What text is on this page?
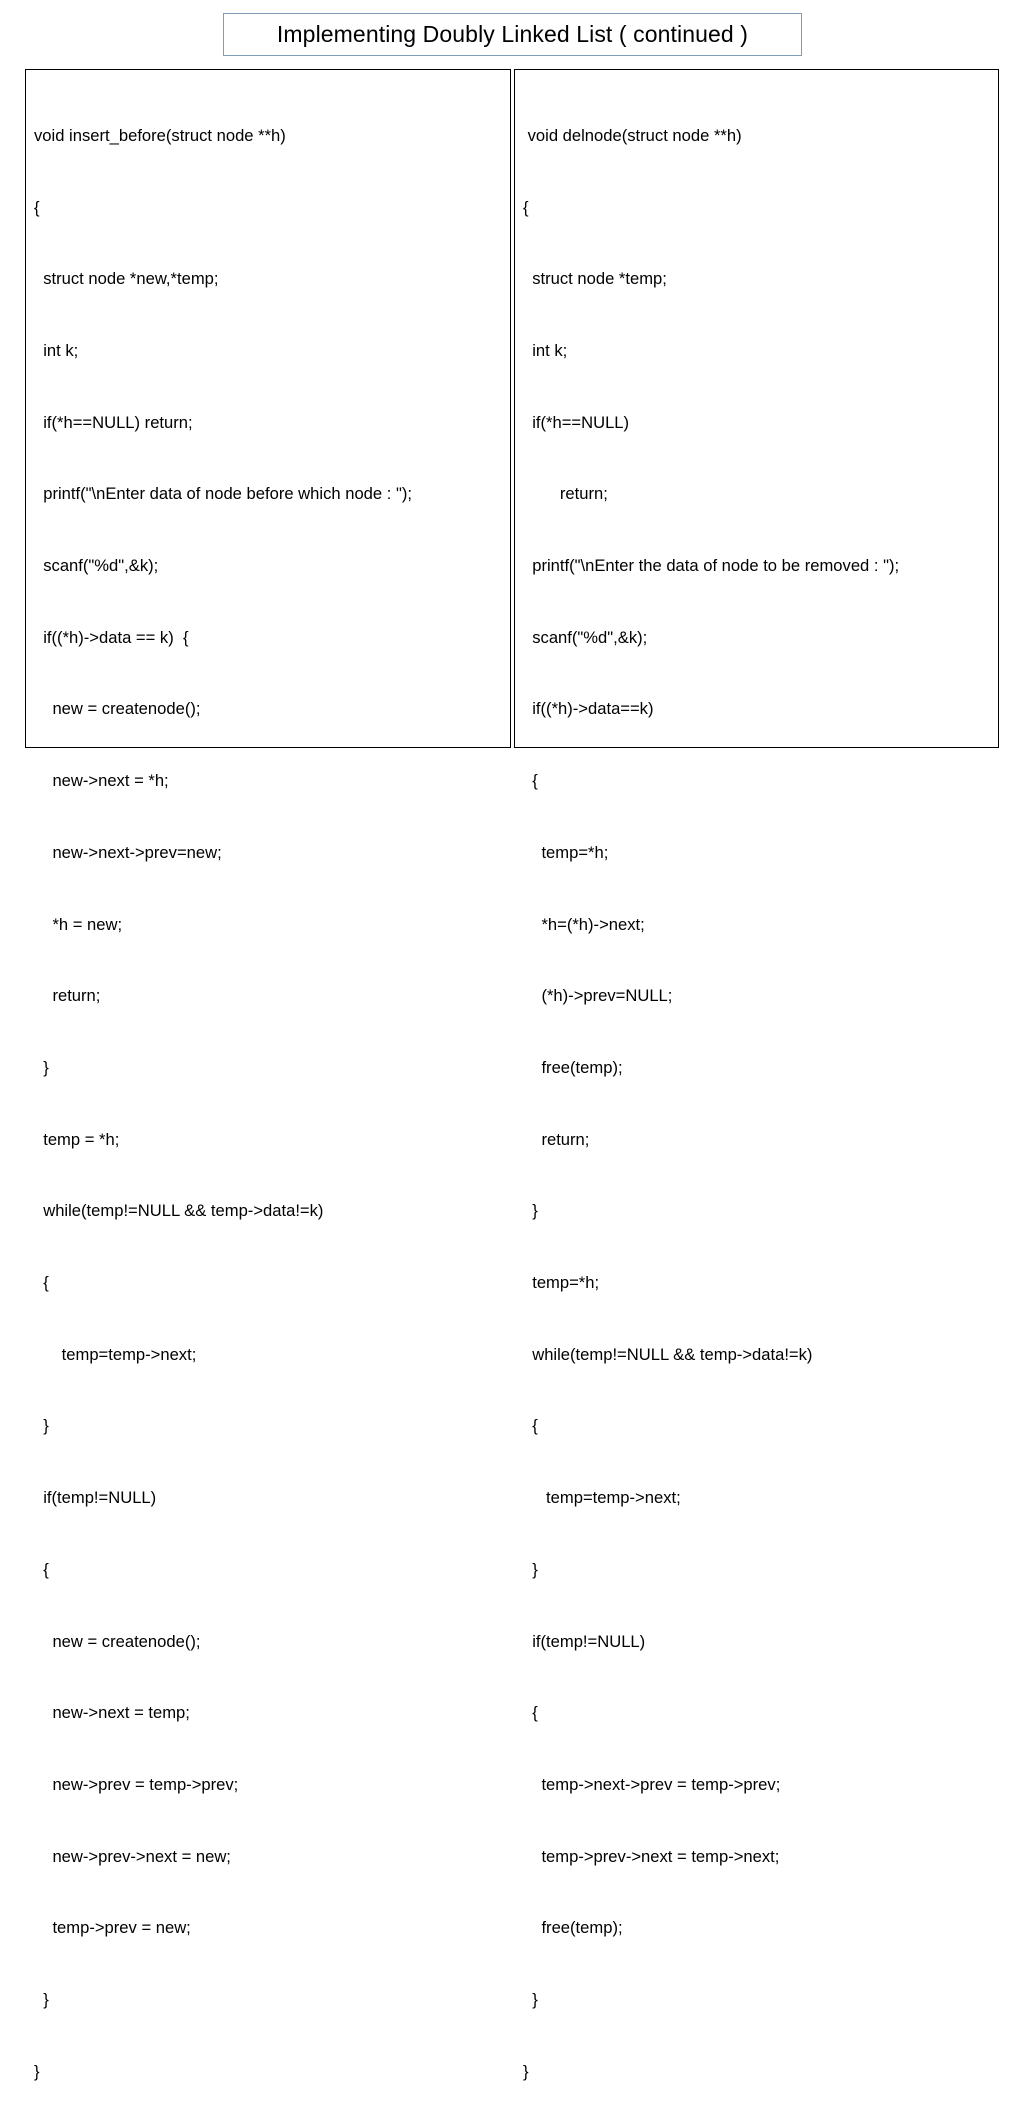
Implementing Doubly Linked List ( continued )

void insert_before(struct node **h)

{

struct node *new,*temp;

int k;

if(*h==NULL) return;

printf("\nEnter data of node before which node : ");

scanf("%d",&k);

if((*h)->data == k)  {

new = createnode();

new->next = *h;

new->next->prev=new;

*h = new;

return;

}

temp = *h;

while(temp!=NULL && temp->data!=k)

{

temp=temp->next;

}

if(temp!=NULL)

{

new = createnode();

new->next = temp;

new->prev = temp->prev;

new->prev->next = new;

temp->prev = new;

}

}

void delnode(struct node **h)

{

struct node *temp;

int k;

if(*h==NULL)

return;

printf("\nEnter the data of node to be removed : ");

scanf("%d",&k);

if((*h)->data==k)

{

temp=*h;

*h=(*h)->next;

(*h)->prev=NULL;

free(temp);

return;

}

temp=*h;

while(temp!=NULL && temp->data!=k)

{

temp=temp->next;

}

if(temp!=NULL)

{

temp->next->prev = temp->prev;

temp->prev->next = temp->next;

free(temp);

}

}
